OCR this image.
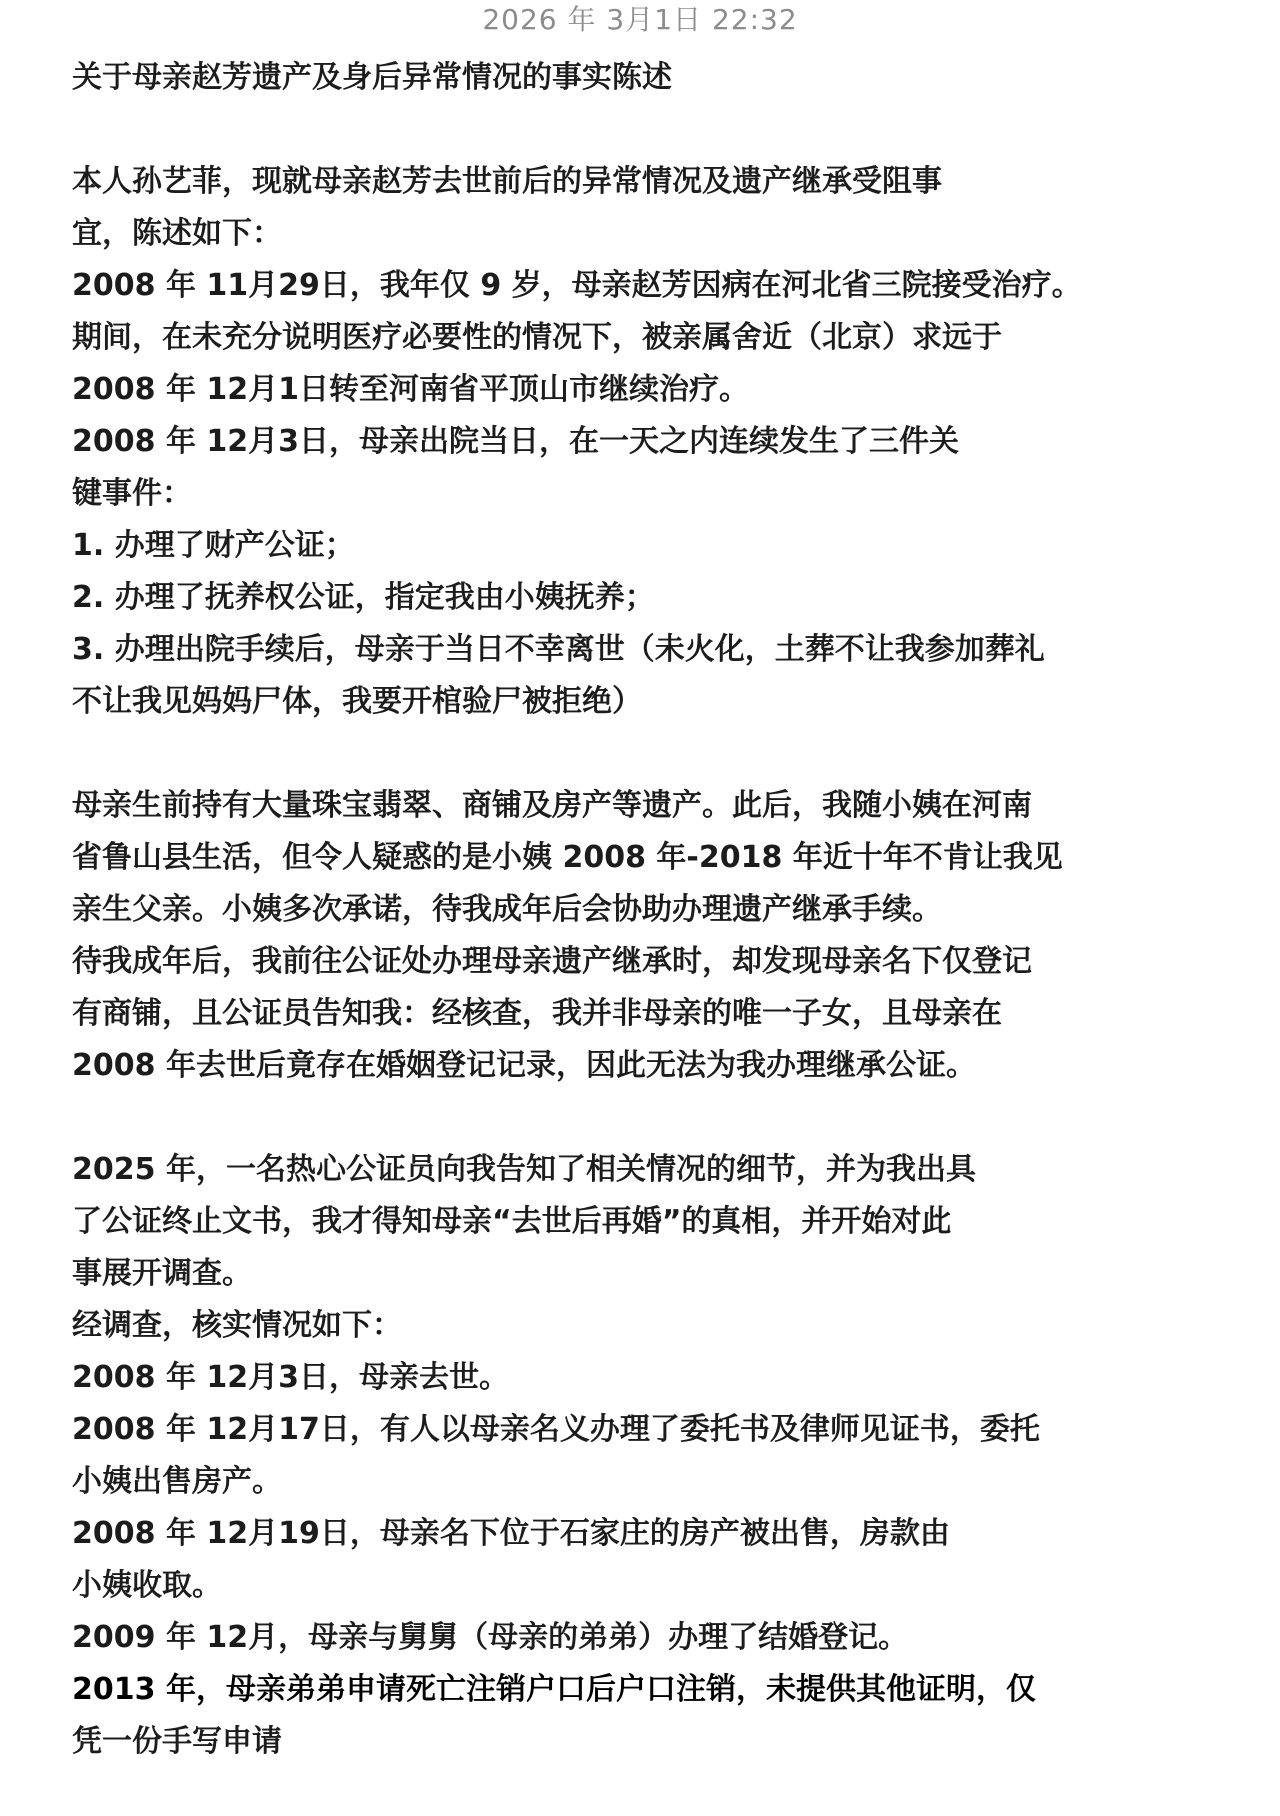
2026 年 3月1日 22:32
关于母亲赵芳遗产及身后异常情况的事实陈述
本人孙艺菲，现就母亲赵芳去世前后的异常情况及遗产继承受阻事
宜，陈述如下：
2008 年 11月29日，我年仅 9 岁，母亲赵芳因病在河北省三院接受治疗。
期间，在未充分说明医疗必要性的情况下，被亲属舍近（北京）求远于
2008 年 12月1日转至河南省平顶山市继续治疗。
2008 年 12月3日，母亲出院当日，在一天之内连续发生了三件关
键事件：
1. 办理了财产公证；
2. 办理了抚养权公证，指定我由小姨抚养；
3. 办理出院手续后，母亲于当日不幸离世（未火化，土葬不让我参加葬礼
不让我见妈妈尸体，我要开棺验尸被拒绝）
母亲生前持有大量珠宝翡翠、商铺及房产等遗产。此后，我随小姨在河南
省鲁山县生活，但令人疑惑的是小姨 2008 年-2018 年近十年不肯让我见
亲生父亲。小姨多次承诺，待我成年后会协助办理遗产继承手续。
待我成年后，我前往公证处办理母亲遗产继承时，却发现母亲名下仅登记
有商铺，且公证员告知我：经核查，我并非母亲的唯一子女，且母亲在
2008 年去世后竟存在婚姻登记记录，因此无法为我办理继承公证。
2025 年，一名热心公证员向我告知了相关情况的细节，并为我出具
了公证终止文书，我才得知母亲“去世后再婚”的真相，并开始对此
事展开调查。
经调查，核实情况如下：
2008 年 12月3日，母亲去世。
2008 年 12月17日，有人以母亲名义办理了委托书及律师见证书，委托
小姨出售房产。
2008 年 12月19日，母亲名下位于石家庄的房产被出售，房款由
小姨收取。
2009 年 12月，母亲与舅舅（母亲的弟弟）办理了结婚登记。
2013 年，母亲弟弟申请死亡注销户口后户口注销，未提供其他证明，仅
凭一份手写申请
